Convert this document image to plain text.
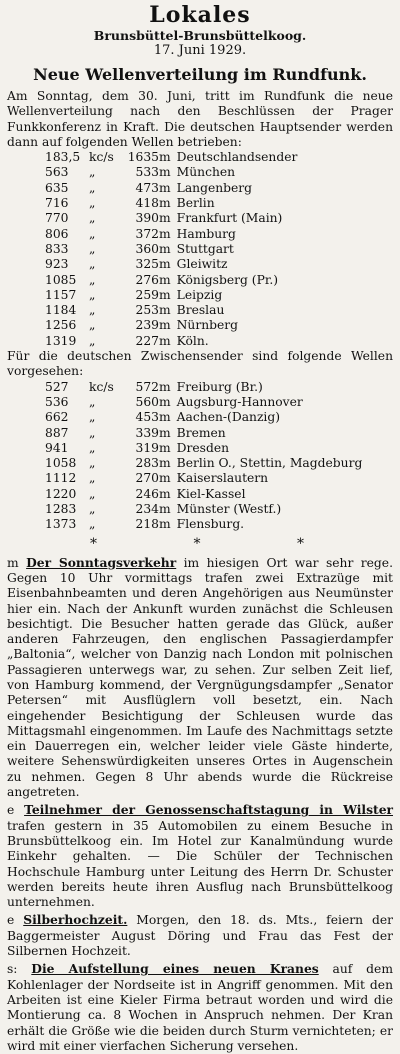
Lokales
Brunsbüttel-Brunsbüttelkoog.
17. Juni 1929.
Neue Wellenverteilung im Rundfunk.
Am Sonntag, dem 30. Juni, tritt im Rundfunk die neue Wellenverteilung nach den Beschlüssen der Prager Funkkonferenz in Kraft. Die deutschen Hauptsender werden dann auf folgenden Wellen betrieben:
183,5 kc/s	1635 m Deutschlandsender
563	„	533 m München
635	„	473 m Langenberg
716	„	418 m Berlin
770	„	390 m Frankfurt (Main)
806	„	372 m Hamburg
833	„	360 m Stuttgart
923	„	325 m Gleiwitz
1085	„	276 m Königsberg (Pr.)
1157	„	259 m Leipzig
1184	„	253 m Breslau
1256	„	239 m Nürnberg
1319	„	227 m Köln.
Für die deutschen Zwischensender sind folgende Wellen vorgesehen:
527	kc/s	572 m Freiburg (Br.)
536	„	560 m Augsburg-Hannover
662	„	453 m Aachen-(Danzig)
887	„	339 m Bremen
941	„	319 m Dresden
1058	„	283 m Berlin O., Stettin, Magdeburg
1112	„	270 m Kaiserslautern
1220	„	246 m Kiel-Kassel
1283	„	234 m Münster (Westf.)
1373	„	218 m Flensburg.
* * *
m Der Sonntagsverkehr im hiesigen Ort war sehr rege. Gegen 10 Uhr vormittags trafen zwei Extrazüge mit Eisenbahnbeamten und deren Angehörigen aus Neumünster hier ein. Nach der Ankunft wurden zunächst die Schleusen besichtigt. Die Besucher hatten gerade das Glück, außer anderen Fahrzeugen, den englischen Passagierdampfer „Baltonia“, welcher von Danzig nach London mit polnischen Passagieren unterwegs war, zu sehen. Zur selben Zeit lief, von Hamburg kommend, der Vergnügungsdampfer „Senator Petersen“ mit Ausflüglern voll besetzt, ein. Nach eingehender Besichtigung der Schleusen wurde das Mittagsmahl eingenommen. Im Laufe des Nachmittags setzte ein Dauerregen ein, welcher leider viele Gäste hinderte, weitere Sehenswürdigkeiten unseres Ortes in Augenschein zu nehmen. Gegen 8 Uhr abends wurde die Rückreise angetreten.
e Teilnehmer der Genossenschaftstagung in Wilster trafen gestern in 35 Automobilen zu einem Besuche in Brunsbüttelkoog ein. Im Hotel zur Kanalmündung wurde Einkehr gehalten. — Die Schüler der Technischen Hochschule Hamburg unter Leitung des Herrn Dr. Schuster werden bereits heute ihren Ausflug nach Brunsbüttelkoog unternehmen.
e Silberhochzeit. Morgen, den 18. ds. Mts., feiern der Baggermeister August Döring und Frau das Fest der Silbernen Hochzeit.
s: Die Aufstellung eines neuen Kranes auf dem Kohlenlager der Nordseite ist in Angriff genommen. Mit den Arbeiten ist eine Kieler Firma betraut worden und wird die Montierung ca. 8 Wochen in Anspruch nehmen. Der Kran erhält die Größe wie die beiden durch Sturm vernichteten; er wird mit einer vierfachen Sicherung versehen.
